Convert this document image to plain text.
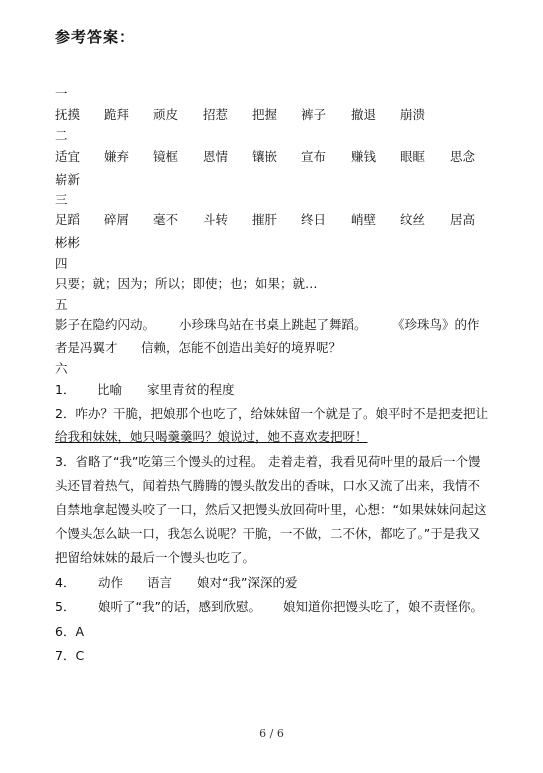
参考答案：
一
抚摸 跪拜 顽皮 招惹 把握 裤子 撤退 崩溃
二
适宜 嫌弃 镜框 恩情 镶嵌 宣布 赚钱 眼眶 思念
崭新
三
足蹈 碎屑 毫不 斗转 摧肝 终日 峭壁 纹丝 居高
彬彬
四
只要；就；因为；所以；即使；也；如果；就…
五
影子在隐约闪动。 小珍珠鸟站在书桌上跳起了舞蹈。 《珍珠鸟》的作
者是冯翼才 信赖，怎能不创造出美好的境界呢？
六
1． 比喻 家里青贫的程度
2．咋办？干脆，把娘那个也吃了，给妹妹留一个就是了。娘平时不是把麦把让
给我和妹妹，她只喝羹羹吗？娘说过，她不喜欢麦把呀！
3．省略了“我”吃第三个馒头的过程。 走着走着，我看见荷叶里的最后一个馒
头还冒着热气，闻着热气腾腾的馒头散发出的香味，口水又流了出来，我情不
自禁地拿起馒头咬了一口，然后又把馒头放回荷叶里，心想：“如果妹妹问起这
个馒头怎么缺一口，我怎么说呢？干脆，一不做，二不休，都吃了。”于是我又
把留给妹妹的最后一个馒头也吃了。
4． 动作 语言 娘对“我”深深的爱
5． 娘听了“我”的话，感到欣慰。 娘知道你把馒头吃了，娘不责怪你。
6．A
7．C
6 / 6
